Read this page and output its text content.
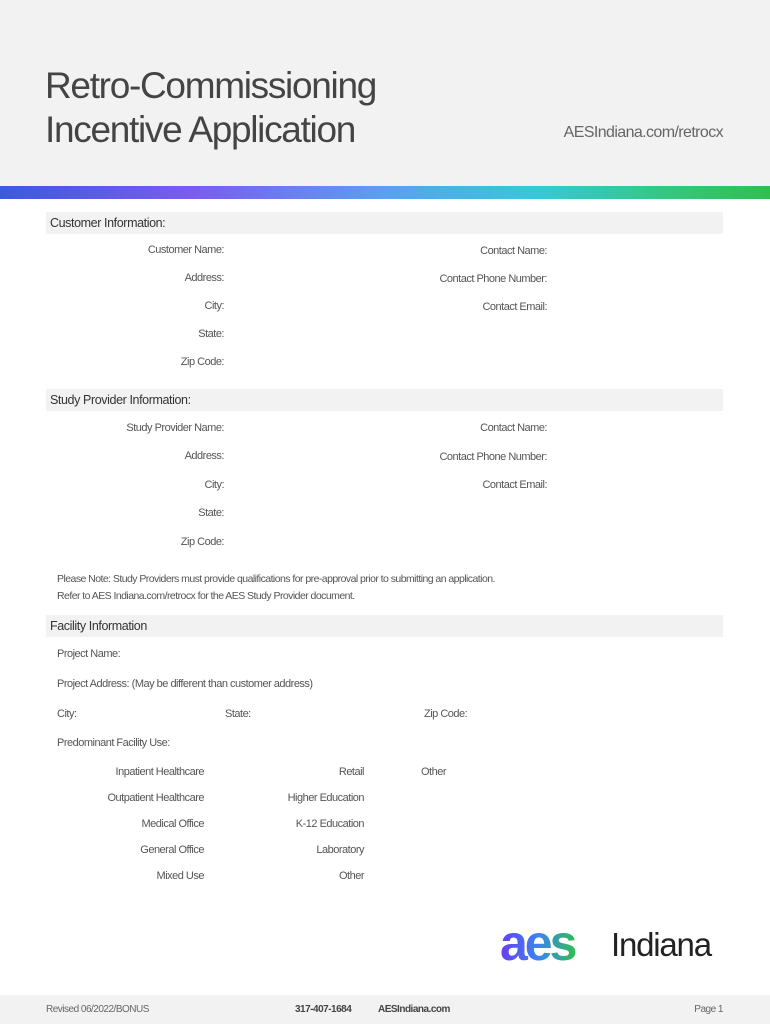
Retro-Commissioning
Incentive Application	AESIndiana.com/retrocx
Customer Information:
Customer Name:
Address:
City:
State:
Zip Code:
Contact Name:
Contact Phone Number:
Contact Email:
Study Provider Information:
Study Provider Name:
Address:
City:
State:
Zip Code:
Contact Name:
Contact Phone Number:
Contact Email:
Please Note: Study Providers must provide qualifications for pre-approval prior to submitting an application.
Refer to AES Indiana.com/retrocx for the AES Study Provider document.
Facility Information
Project Name:
Project Address: (May be different than customer address)
City:	State:	Zip Code:
Predominant Facility Use:
Inpatient Healthcare
Outpatient Healthcare
Medical Office
General Office
Mixed Use
Retail
Higher Education
K-12 Education
Laboratory
Other
Other
aes Indiana
Revised 06/2022/BONUS	317-407-1684	AESIndiana.com	Page 1
